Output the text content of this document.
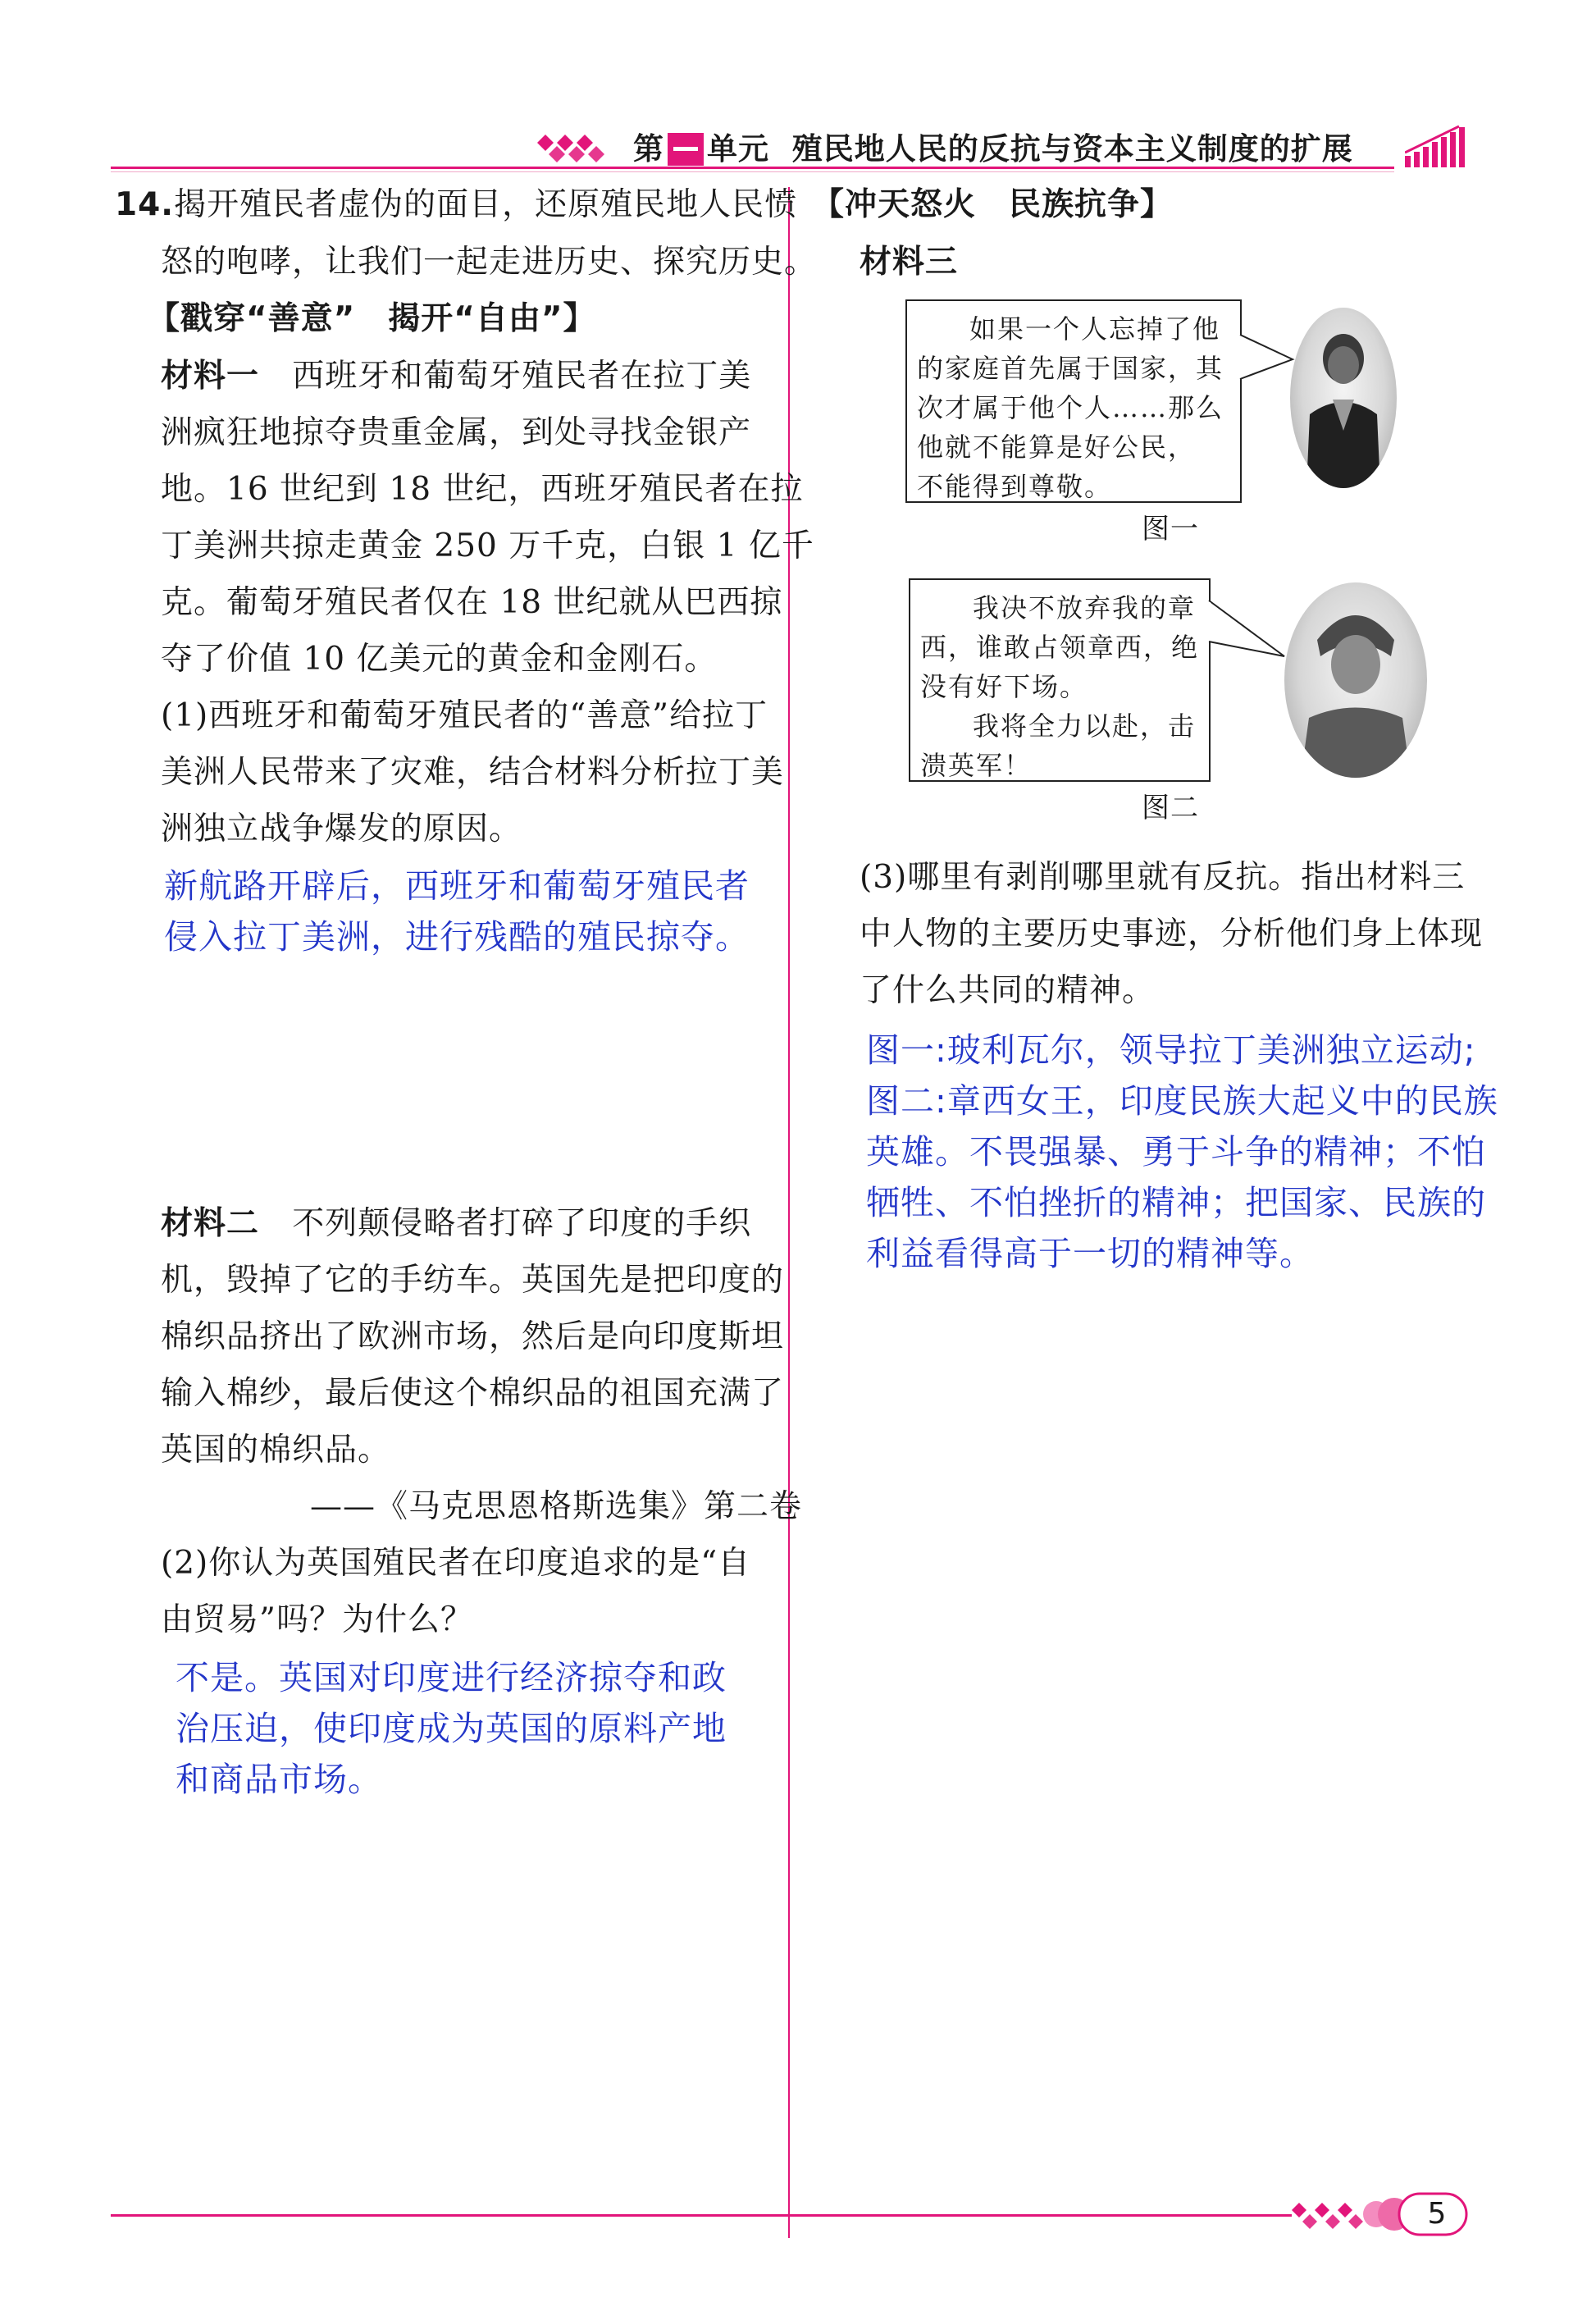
第 单元 殖民地人民的反抗与资本主义制度的扩展
14.揭开殖民者虚伪的面目，还原殖民地人民愤
怒的咆哮，让我们一起走进历史、探究历史。
【戳穿“善意”　揭开“自由”】
材料一 西班牙和葡萄牙殖民者在拉丁美
洲疯狂地掠夺贵重金属，到处寻找金银产
地。16 世纪到 18 世纪，西班牙殖民者在拉
丁美洲共掠走黄金 250 万千克，白银 1 亿千
克。葡萄牙殖民者仅在 18 世纪就从巴西掠
夺了价值 10 亿美元的黄金和金刚石。
(1)西班牙和葡萄牙殖民者的“善意”给拉丁
美洲人民带来了灾难，结合材料分析拉丁美
洲独立战争爆发的原因。
新航路开辟后，西班牙和葡萄牙殖民者
侵入拉丁美洲，进行残酷的殖民掠夺。
材料二 不列颠侵略者打碎了印度的手织
机，毁掉了它的手纺车。英国先是把印度的
棉织品挤出了欧洲市场，然后是向印度斯坦
输入棉纱，最后使这个棉织品的祖国充满了
英国的棉织品。
——《马克思恩格斯选集》第二卷
(2)你认为英国殖民者在印度追求的是“自
由贸易”吗？为什么？
不是。英国对印度进行经济掠夺和政
治压迫，使印度成为英国的原料产地
和商品市场。
【冲天怒火　民族抗争】
材料三
如果一个人忘掉了他
的家庭首先属于国家，其
次才属于他个人……那么
他就不能算是好公民，
不能得到尊敬。
图一
我决不放弃我的章
西，谁敢占领章西，绝
没有好下场。
我将全力以赴，击
溃英军！
图二
(3)哪里有剥削哪里就有反抗。指出材料三
中人物的主要历史事迹，分析他们身上体现
了什么共同的精神。
图一:玻利瓦尔，领导拉丁美洲独立运动;
图二:章西女王，印度民族大起义中的民族
英雄。不畏强暴、勇于斗争的精神；不怕
牺牲、不怕挫折的精神；把国家、民族的
利益看得高于一切的精神等。
5
